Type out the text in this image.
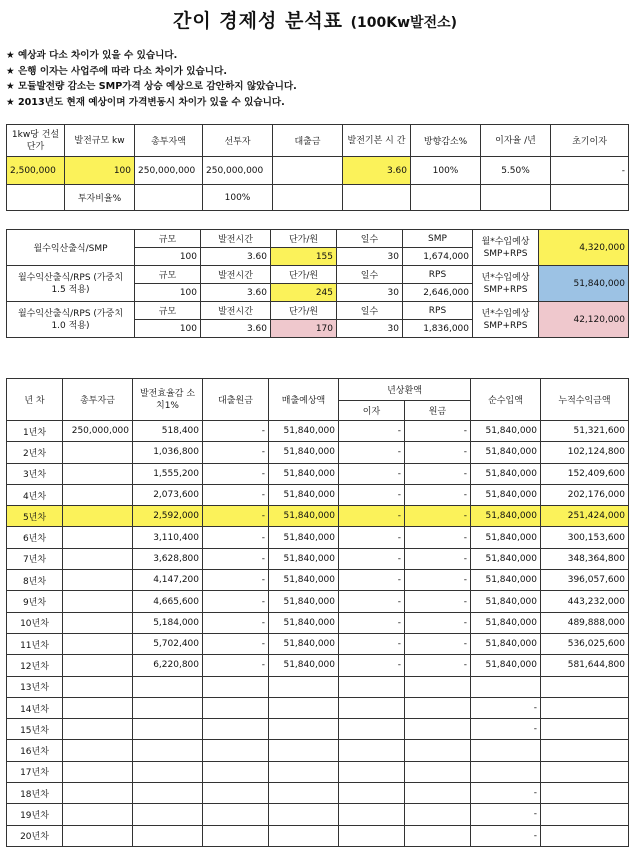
간이 경제성 분석표 (100Kw발전소)
★ 예상과 다소 차이가 있을 수 있습니다.
★ 은행 이자는 사업주에 따라 다소 차이가 있습니다.
★ 모듈발전량 감소는 SMP가격 상승 예상으로 감안하지 않았습니다.
★ 2013년도 현재 예상이며 가격변동시 차이가 있을 수 있습니다.
1kw당 건설단가	발전규모 kw	총투자액	선투자	대출금	발전기본 시 간	방향감소%	이자율 /년	초기이자
2,500,000	100	250,000,000	250,000,000		3.60	100%	5.50%	-
	투자비율%		100%					
월수익산출식/SMP	규모	발전시간	단가/원	일수	SMP	월*수입예상 SMP+RPS	4,320,000
	100	3.60	155	30	1,674,000		
월수익산출식/RPS (가중치 1.5 적용)	규모	발전시간	단가/원	일수	RPS	년*수입예상 SMP+RPS	51,840,000
	100	3.60	245	30	2,646,000		
월수익산출식/RPS (가중치 1.0 적용)	규모	발전시간	단가/원	일수	RPS	년*수입예상 SMP+RPS	42,120,000
	100	3.60	170	30	1,836,000		
년 차	총투자금	발전효율감 소치1%	대출원금	매출예상액	년상환액		순수입액	누적수익금액
					이자	원금		
1년차	250,000,000	518,400	-	51,840,000	-	-	51,840,000	51,321,600
2년차		1,036,800	-	51,840,000	-	-	51,840,000	102,124,800
3년차		1,555,200	-	51,840,000	-	-	51,840,000	152,409,600
4년차		2,073,600	-	51,840,000	-	-	51,840,000	202,176,000
5년차		2,592,000	-	51,840,000	-	-	51,840,000	251,424,000
6년차		3,110,400	-	51,840,000	-	-	51,840,000	300,153,600
7년차		3,628,800	-	51,840,000	-	-	51,840,000	348,364,800
8년차		4,147,200	-	51,840,000	-	-	51,840,000	396,057,600
9년차		4,665,600	-	51,840,000	-	-	51,840,000	443,232,000
10년차		5,184,000	-	51,840,000	-	-	51,840,000	489,888,000
11년차		5,702,400	-	51,840,000	-	-	51,840,000	536,025,600
12년차		6,220,800	-	51,840,000	-	-	51,840,000	581,644,800
13년차								
14년차							-	
15년차							-	
16년차								
17년차								
18년차							-	
19년차							-	
20년차							-	
